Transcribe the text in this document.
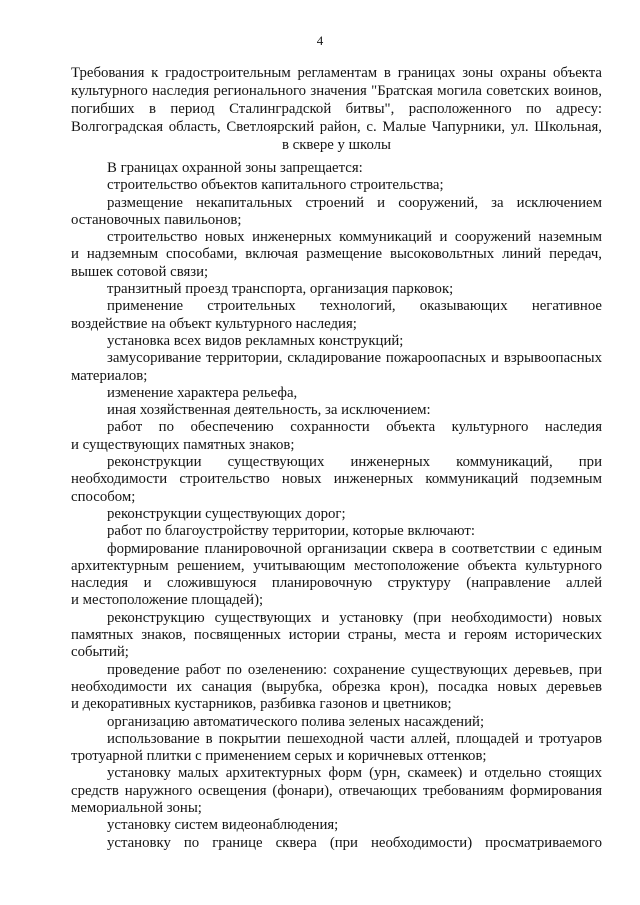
4
Требования к градостроительным регламентам в границах зоны охраны объекта
культурного наследия регионального значения "Братская могила советских воинов,
погибших в период Сталинградской битвы", расположенного по адресу:
Волгоградская область, Светлоярский район, с. Малые Чапурники, ул. Школьная,
в сквере у школы
В границах охранной зоны запрещается:
строительство объектов капитального строительства;
размещение некапитальных строений и сооружений, за исключением
остановочных павильонов;
строительство новых инженерных коммуникаций и сооружений наземным
и надземным способами, включая размещение высоковольтных линий передач,
вышек сотовой связи;
транзитный проезд транспорта, организация парковок;
применение строительных технологий, оказывающих негативное
воздействие на объект культурного наследия;
установка всех видов рекламных конструкций;
замусоривание территории, складирование пожароопасных и взрывоопасных
материалов;
изменение характера рельефа,
иная хозяйственная деятельность, за исключением:
работ по обеспечению сохранности объекта культурного наследия
и существующих памятных знаков;
реконструкции существующих инженерных коммуникаций, при
необходимости строительство новых инженерных коммуникаций подземным
способом;
реконструкции существующих дорог;
работ по благоустройству территории, которые включают:
формирование планировочной организации сквера в соответствии с единым
архитектурным решением, учитывающим местоположение объекта культурного
наследия и сложившуюся планировочную структуру (направление аллей
и местоположение площадей);
реконструкцию существующих и установку (при необходимости) новых
памятных знаков, посвященных истории страны, места и героям исторических
событий;
проведение работ по озеленению: сохранение существующих деревьев, при
необходимости их санация (вырубка, обрезка крон), посадка новых деревьев
и декоративных кустарников, разбивка газонов и цветников;
организацию автоматического полива зеленых насаждений;
использование в покрытии пешеходной части аллей, площадей и тротуаров
тротуарной плитки с применением серых и коричневых оттенков;
установку малых архитектурных форм (урн, скамеек) и отдельно стоящих
средств наружного освещения (фонари), отвечающих требованиям формирования
мемориальной зоны;
установку систем видеонаблюдения;
установку по границе сквера (при необходимости) просматриваемого
